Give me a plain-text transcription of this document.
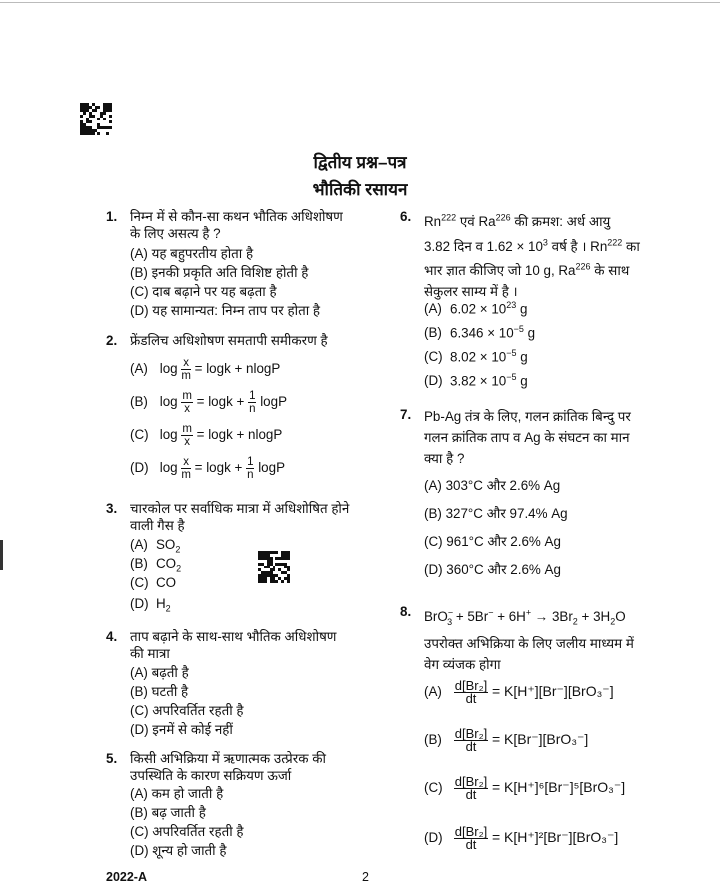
द्वितीय प्रश्न–पत्र
भौतिकी रसायन
1. निम्न में से कौन-सा कथन भौतिक अधिशोषण
के लिए असत्य है ?
(A) यह बहुपरतीय होता है
(B) इनकी प्रकृति अति विशिष्ट होती है
(C) दाब बढ़ाने पर यह बढ़ता है
(D) यह सामान्यत: निम्न ताप पर होता है
2. फ्रेंडलिच अधिशोषण समतापी समीकरण है
(A) $\log \frac{x}{m} = \log k + nlogP$
(B) $\log \frac{m}{x} = \log k + \frac{1}{n}$ logP
(C) $\log \frac{m}{x} = \log k + nlogP$
(D) $\log \frac{x}{m} = \log k + \frac{1}{n}$ logP
3. चारकोल पर सर्वाधिक मात्रा में अधिशोषित होने
वाली गैस है
(A) $SO_2$
(B) $CO_2$
(C) CO
(D) $H_2$
4. ताप बढ़ाने के साथ-साथ भौतिक अधिशोषण
की मात्रा
(A) बढ़ती है
(B) घटती है
(C) अपरिवर्तित रहती है
(D) इनमें से कोई नहीं
5. किसी अभिक्रिया में ऋणात्मक उत्प्रेरक की
उपस्थिति के कारण सक्रियण ऊर्जा
(A) कम हो जाती है
(B) बढ़ जाती है
(C) अपरिवर्तित रहती है
(D) शून्य हो जाती है
6. Rn$^{222}$ एवं Ra$^{226}$ की क्रमश: अर्ध आयु
3.82 दिन व $1.62 \times 10^3$ वर्ष है । Rn$^{222}$ का
भार ज्ञात कीजिए जो 10 g, Ra$^{226}$ के साथ
सेकुलर साम्य में है ।
(A) $6.02 \times 10^{23}$ g
(B) $6.346 \times 10^{-5}$ g
(C) $8.02 \times 10^{-5}$ g
(D) $3.82 \times 10^{-5}$ g
7. Pb-Ag तंत्र के लिए, गलन क्रांतिक बिन्दु पर
गलन क्रांतिक ताप व Ag के संघटन का मान
क्या है ?
(A) 303°C और 2.6% Ag
(B) 327°C और 97.4% Ag
(C) 961°C और 2.6% Ag
(D) 360°C और 2.6% Ag
8. $BrO^-_3 + 5Br^- + 6H^+ \to 3Br_2 + 3H_2O$
उपरोक्त अभिक्रिया के लिए जलीय माध्यम में
वेग व्यंजक होगा
$(A) \frac{\text{d[Br₂]}}{dt} = K[H^+][Br^-][BrO_3^-]$
$(B) \frac{\text{d[Br₂]}}{dt} = K[Br^-][BrO_3^-]$
$(C) \frac{\text{d[Br₂]}}{dt} = K[H^+]^6[Br^-]^5[BrO_3^-]$
$(D) \frac{\text{d[Br₂]}}{dt} = K[H^+]^2[Br^-][BrO_3^-]$
2022-A	2
